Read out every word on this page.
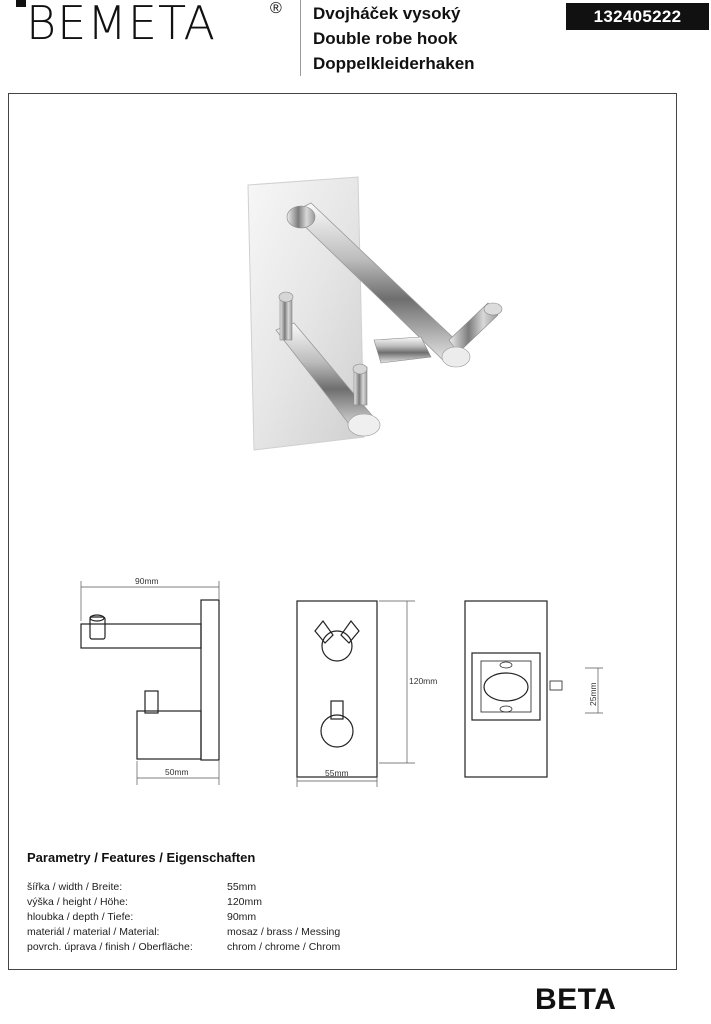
BEMETA	® Dvojháček vysoký
Double robe hook
Doppelkleiderhaken
132405222
90mm
50mm
120mm
55mm
25mm
Parametry / Features / Eigenschaften
šířka / width / Breite:	55mm
výška / height / Höhe:	120mm
hloubka / depth / Tiefe:	90mm
materiál / material / Material:	mosaz / brass / Messing
povrch. úprava / finish / Oberfläche:	chrom / chrome / Chrom
BETA
